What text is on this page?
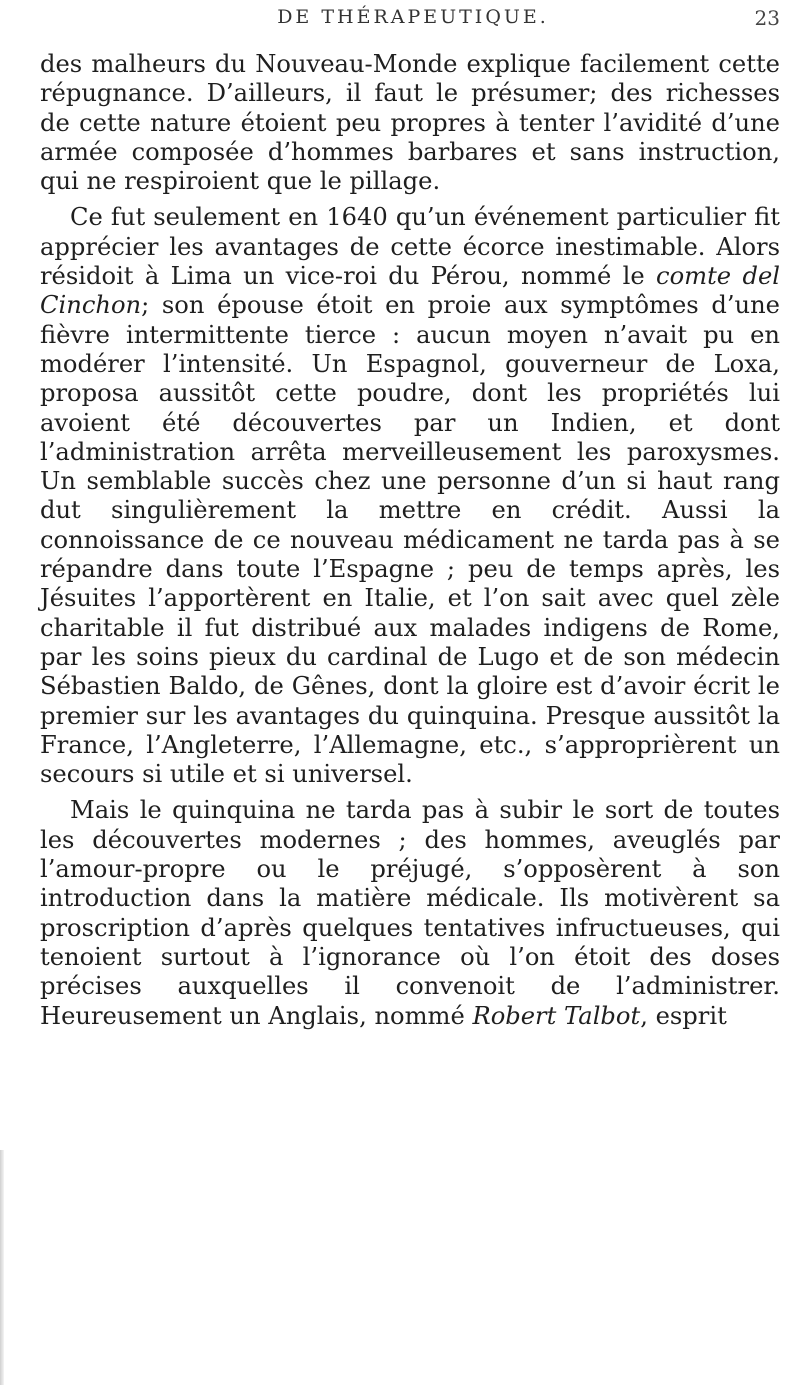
DE THÉRAPEUTIQUE.	23

des malheurs du Nouveau-Monde explique facilement cette répugnance. D’ailleurs, il faut le présumer; des richesses de cette nature étoient peu propres à tenter l’avidité d’une armée composée d’hommes barbares et sans instruction, qui ne respiroient que le pillage.

Ce fut seulement en 1640 qu’un événement particulier fit apprécier les avantages de cette écorce inestimable. Alors résidoit à Lima un vice-roi du Pérou, nommé le comte del Cinchon; son épouse étoit en proie aux symptômes d’une fièvre intermittente tierce : aucun moyen n’avait pu en modérer l’intensité. Un Espagnol, gouverneur de Loxa, proposa aussitôt cette poudre, dont les propriétés lui avoient été découvertes par un Indien, et dont l’administration arrêta merveilleusement les paroxysmes. Un semblable succès chez une personne d’un si haut rang dut singulièrement la mettre en crédit. Aussi la connoissance de ce nouveau médicament ne tarda pas à se répandre dans toute l’Espagne ; peu de temps après, les Jésuites l’apportèrent en Italie, et l’on sait avec quel zèle charitable il fut distribué aux malades indigens de Rome, par les soins pieux du cardinal de Lugo et de son médecin Sébastien Baldo, de Gênes, dont la gloire est d’avoir écrit le premier sur les avantages du quinquina. Presque aussitôt la France, l’Angleterre, l’Allemagne, etc., s’approprièrent un secours si utile et si universel.

Mais le quinquina ne tarda pas à subir le sort de toutes les découvertes modernes ; des hommes, aveuglés par l’amour-propre ou le préjugé, s’opposèrent à son introduction dans la matière médicale. Ils motivèrent sa proscription d’après quelques tentatives infructueuses, qui tenoient surtout à l’ignorance où l’on étoit des doses précises auxquelles il convenoit de l’administrer. Heureusement un Anglais, nommé Robert Talbot, esprit
